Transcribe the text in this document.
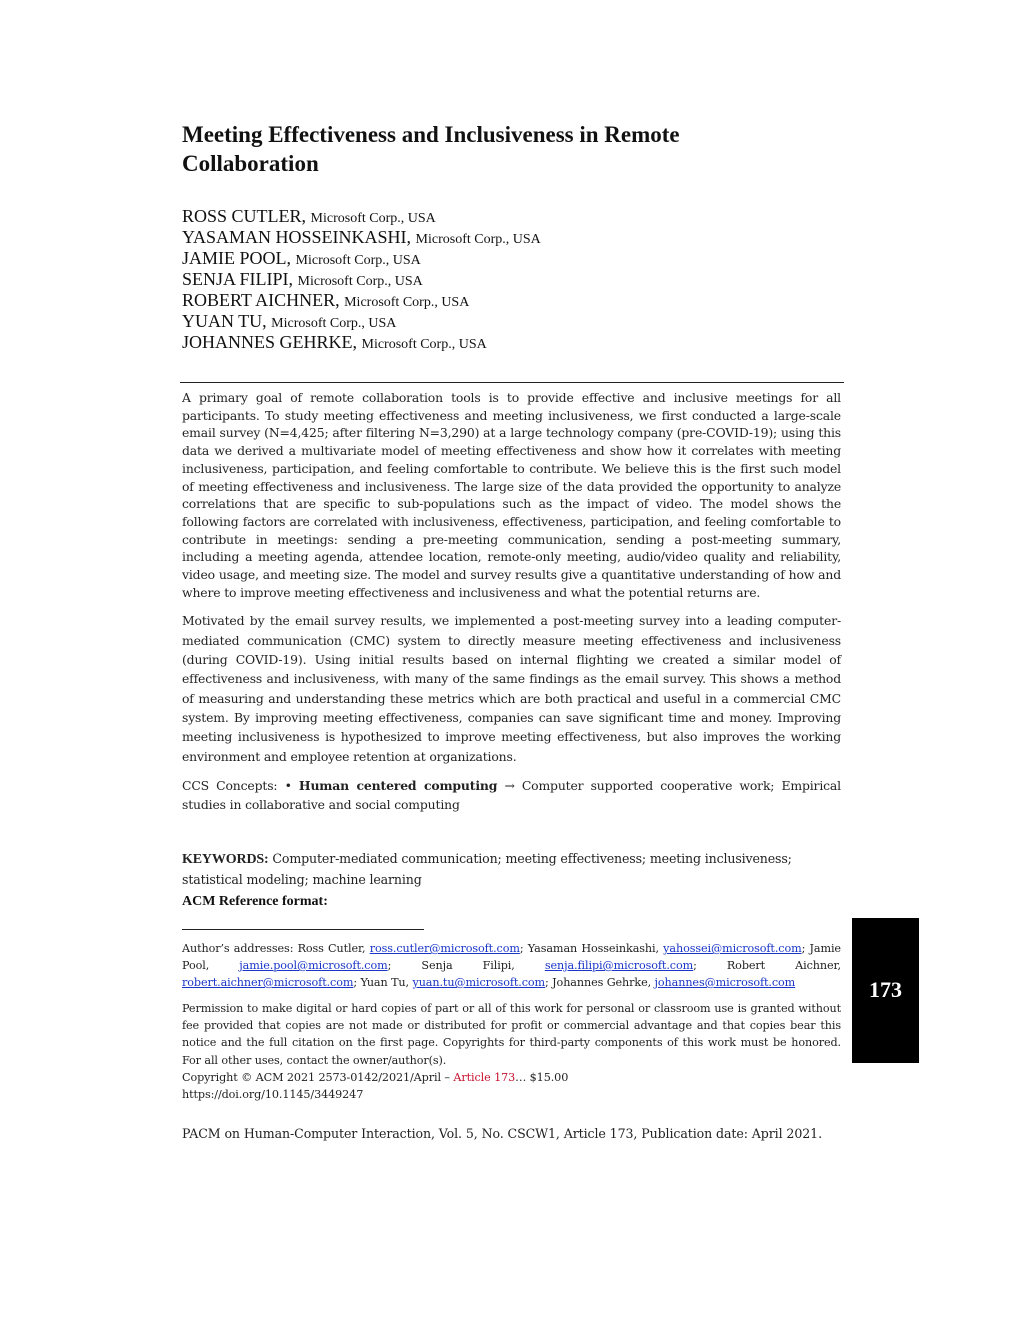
Meeting Effectiveness and Inclusiveness in Remote Collaboration
ROSS CUTLER, Microsoft Corp., USA
YASAMAN HOSSEINKASHI, Microsoft Corp., USA
JAMIE POOL, Microsoft Corp., USA
SENJA FILIPI, Microsoft Corp., USA
ROBERT AICHNER, Microsoft Corp., USA
YUAN TU, Microsoft Corp., USA
JOHANNES GEHRKE, Microsoft Corp., USA

A primary goal of remote collaboration tools is to provide effective and inclusive meetings for all participants. To study meeting effectiveness and meeting inclusiveness, we first conducted a large-scale email survey (N=4,425; after filtering N=3,290) at a large technology company (pre-COVID-19); using this data we derived a multivariate model of meeting effectiveness and show how it correlates with meeting inclusiveness, participation, and feeling comfortable to contribute. We believe this is the first such model of meeting effectiveness and inclusiveness. The large size of the data provided the opportunity to analyze correlations that are specific to sub-populations such as the impact of video. The model shows the following factors are correlated with inclusiveness, effectiveness, participation, and feeling comfortable to contribute in meetings: sending a pre-meeting communication, sending a post-meeting summary, including a meeting agenda, attendee location, remote-only meeting, audio/video quality and reliability, video usage, and meeting size. The model and survey results give a quantitative understanding of how and where to improve meeting effectiveness and inclusiveness and what the potential returns are.

Motivated by the email survey results, we implemented a post-meeting survey into a leading computer-mediated communication (CMC) system to directly measure meeting effectiveness and inclusiveness (during COVID-19). Using initial results based on internal flighting we created a similar model of effectiveness and inclusiveness, with many of the same findings as the email survey. This shows a method of measuring and understanding these metrics which are both practical and useful in a commercial CMC system. By improving meeting effectiveness, companies can save significant time and money. Improving meeting inclusiveness is hypothesized to improve meeting effectiveness, but also improves the working environment and employee retention at organizations.

CCS Concepts: • Human centered computing → Computer supported cooperative work; Empirical studies in collaborative and social computing

KEYWORDS: Computer-mediated communication; meeting effectiveness; meeting inclusiveness; statistical modeling; machine learning
ACM Reference format:

Author’s addresses: Ross Cutler, ross.cutler@microsoft.com; Yasaman Hosseinkashi, yahossei@microsoft.com; Jamie Pool, jamie.pool@microsoft.com; Senja Filipi, senja.filipi@microsoft.com; Robert Aichner, robert.aichner@microsoft.com; Yuan Tu, yuan.tu@microsoft.com; Johannes Gehrke, johannes@microsoft.com

Permission to make digital or hard copies of part or all of this work for personal or classroom use is granted without fee provided that copies are not made or distributed for profit or commercial advantage and that copies bear this notice and the full citation on the first page. Copyrights for third-party components of this work must be honored. For all other uses, contact the owner/author(s).

Copyright © ACM 2021 2573-0142/2021/April – Article 173… $15.00
https://doi.org/10.1145/3449247
PACM on Human-Computer Interaction, Vol. 5, No. CSCW1, Article 173, Publication date: April 2021.
173
